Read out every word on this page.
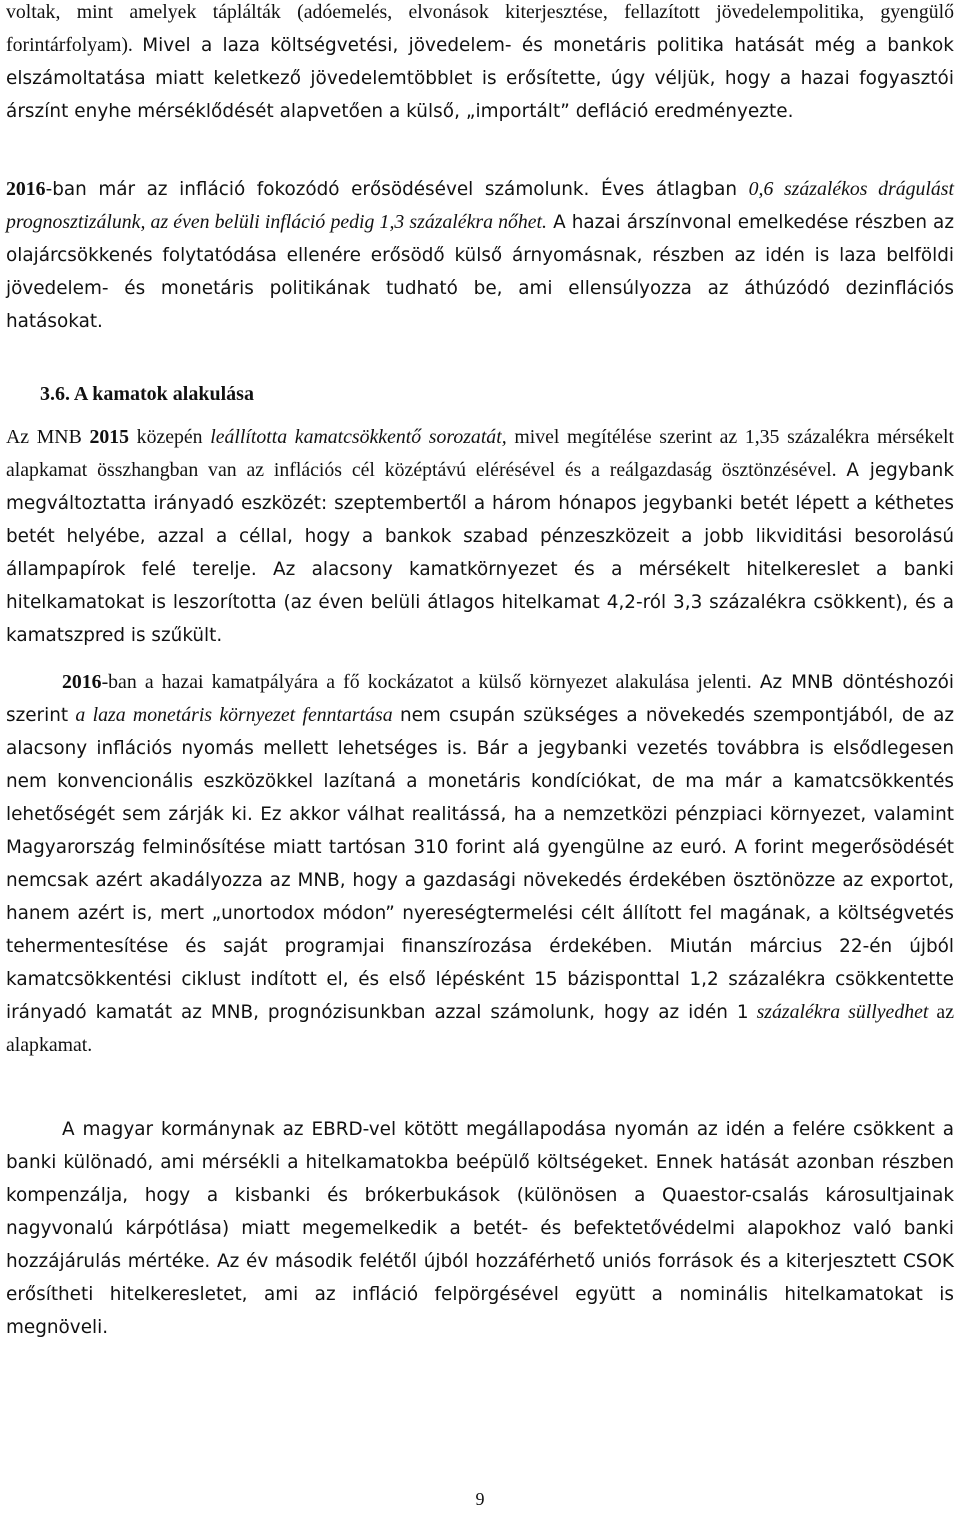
voltak, mint amelyek táplálták (adóemelés, elvonások kiterjesztése, fellazított jövedelempolitika, gyengülő forintárfolyam). Mivel a laza költségvetési, jövedelem- és monetáris politika hatását még a bankok elszámoltatása miatt keletkező jövedelemtöbblet is erősítette, úgy véljük, hogy a hazai fogyasztói árszínt enyhe mérséklődését alapvetően a külső, „importált” defláció eredményezte.
2016-ban már az infláció fokozódó erősödésével számolunk. Éves átlagban 0,6 százalékos drágulást prognosztizálunk, az éven belüli infláció pedig 1,3 százalékra nőhet. A hazai árszínvonal emelkedése részben az olajárcsökkenés folytatódása ellenére erősödő külső árnyomásnak, részben az idén is laza belföldi jövedelem- és monetáris politikának tudható be, ami ellensúlyozza az áthúzódó dezinflációs hatásokat.
3.6. A kamatok alakulása
Az MNB 2015 közepén leállította kamatcsökkentő sorozatát, mivel megítélése szerint az 1,35 százalékra mérsékelt alapkamat összhangban van az inflációs cél középtávú elérésével és a reálgazdaság ösztönzésével. A jegybank megváltoztatta irányadó eszközét: szeptembertől a három hónapos jegybanki betét lépett a kéthetes betét helyébe, azzal a céllal, hogy a bankok szabad pénzeszközeit a jobb likviditási besorolású állampapírok felé terelje. Az alacsony kamatkörnyezet és a mérsékelt hitelkereslet a banki hitelkamatokat is leszorította (az éven belüli átlagos hitelkamat 4,2-ról 3,3 százalékra csökkent), és a kamatszpred is szűkült.
2016-ban a hazai kamatpályára a fő kockázatot a külső környezet alakulása jelenti. Az MNB döntéshozói szerint a laza monetáris környezet fenntartása nem csupán szükséges a növekedés szempontjából, de az alacsony inflációs nyomás mellett lehetséges is. Bár a jegybanki vezetés továbbra is elsődlegesen nem konvencionális eszközökkel lazítaná a monetáris kondíciókat, de ma már a kamatcsökkentés lehetőségét sem zárják ki. Ez akkor válhat realitássá, ha a nemzetközi pénzpiaci környezet, valamint Magyarország felminősítése miatt tartósan 310 forint alá gyengülne az euró. A forint megerősödését nemcsak azért akadályozza az MNB, hogy a gazdasági növekedés érdekében ösztönözze az exportot, hanem azért is, mert „unortodox módon” nyereségtermelési célt állított fel magának, a költségvetés tehermentesítése és saját programjai finanszírozása érdekében. Miután március 22-én újból kamatcsökkentési ciklust indított el, és első lépésként 15 bázisponttal 1,2 százalékra csökkentette irányadó kamatát az MNB, prognózisunkban azzal számolunk, hogy az idén 1 százalékra süllyedhet az alapkamat.
A magyar kormánynak az EBRD-vel kötött megállapodása nyomán az idén a felére csökkent a banki különadó, ami mérsékli a hitelkamatokba beépülő költségeket. Ennek hatását azonban részben kompenzálja, hogy a kisbanki és brókerbukások (különösen a Quaestor-csalás károsultjainak nagyvonalú kárpótlása) miatt megemelkedik a betét- és befektetővédelmi alapokhoz való banki hozzájárulás mértéke. Az év második felétől újból hozzáférhető uniós források és a kiterjesztett CSOK erősítheti hitelkeresletet, ami az infláció felpörgésével együtt a nominális hitelkamatokat is megnöveli.
9
